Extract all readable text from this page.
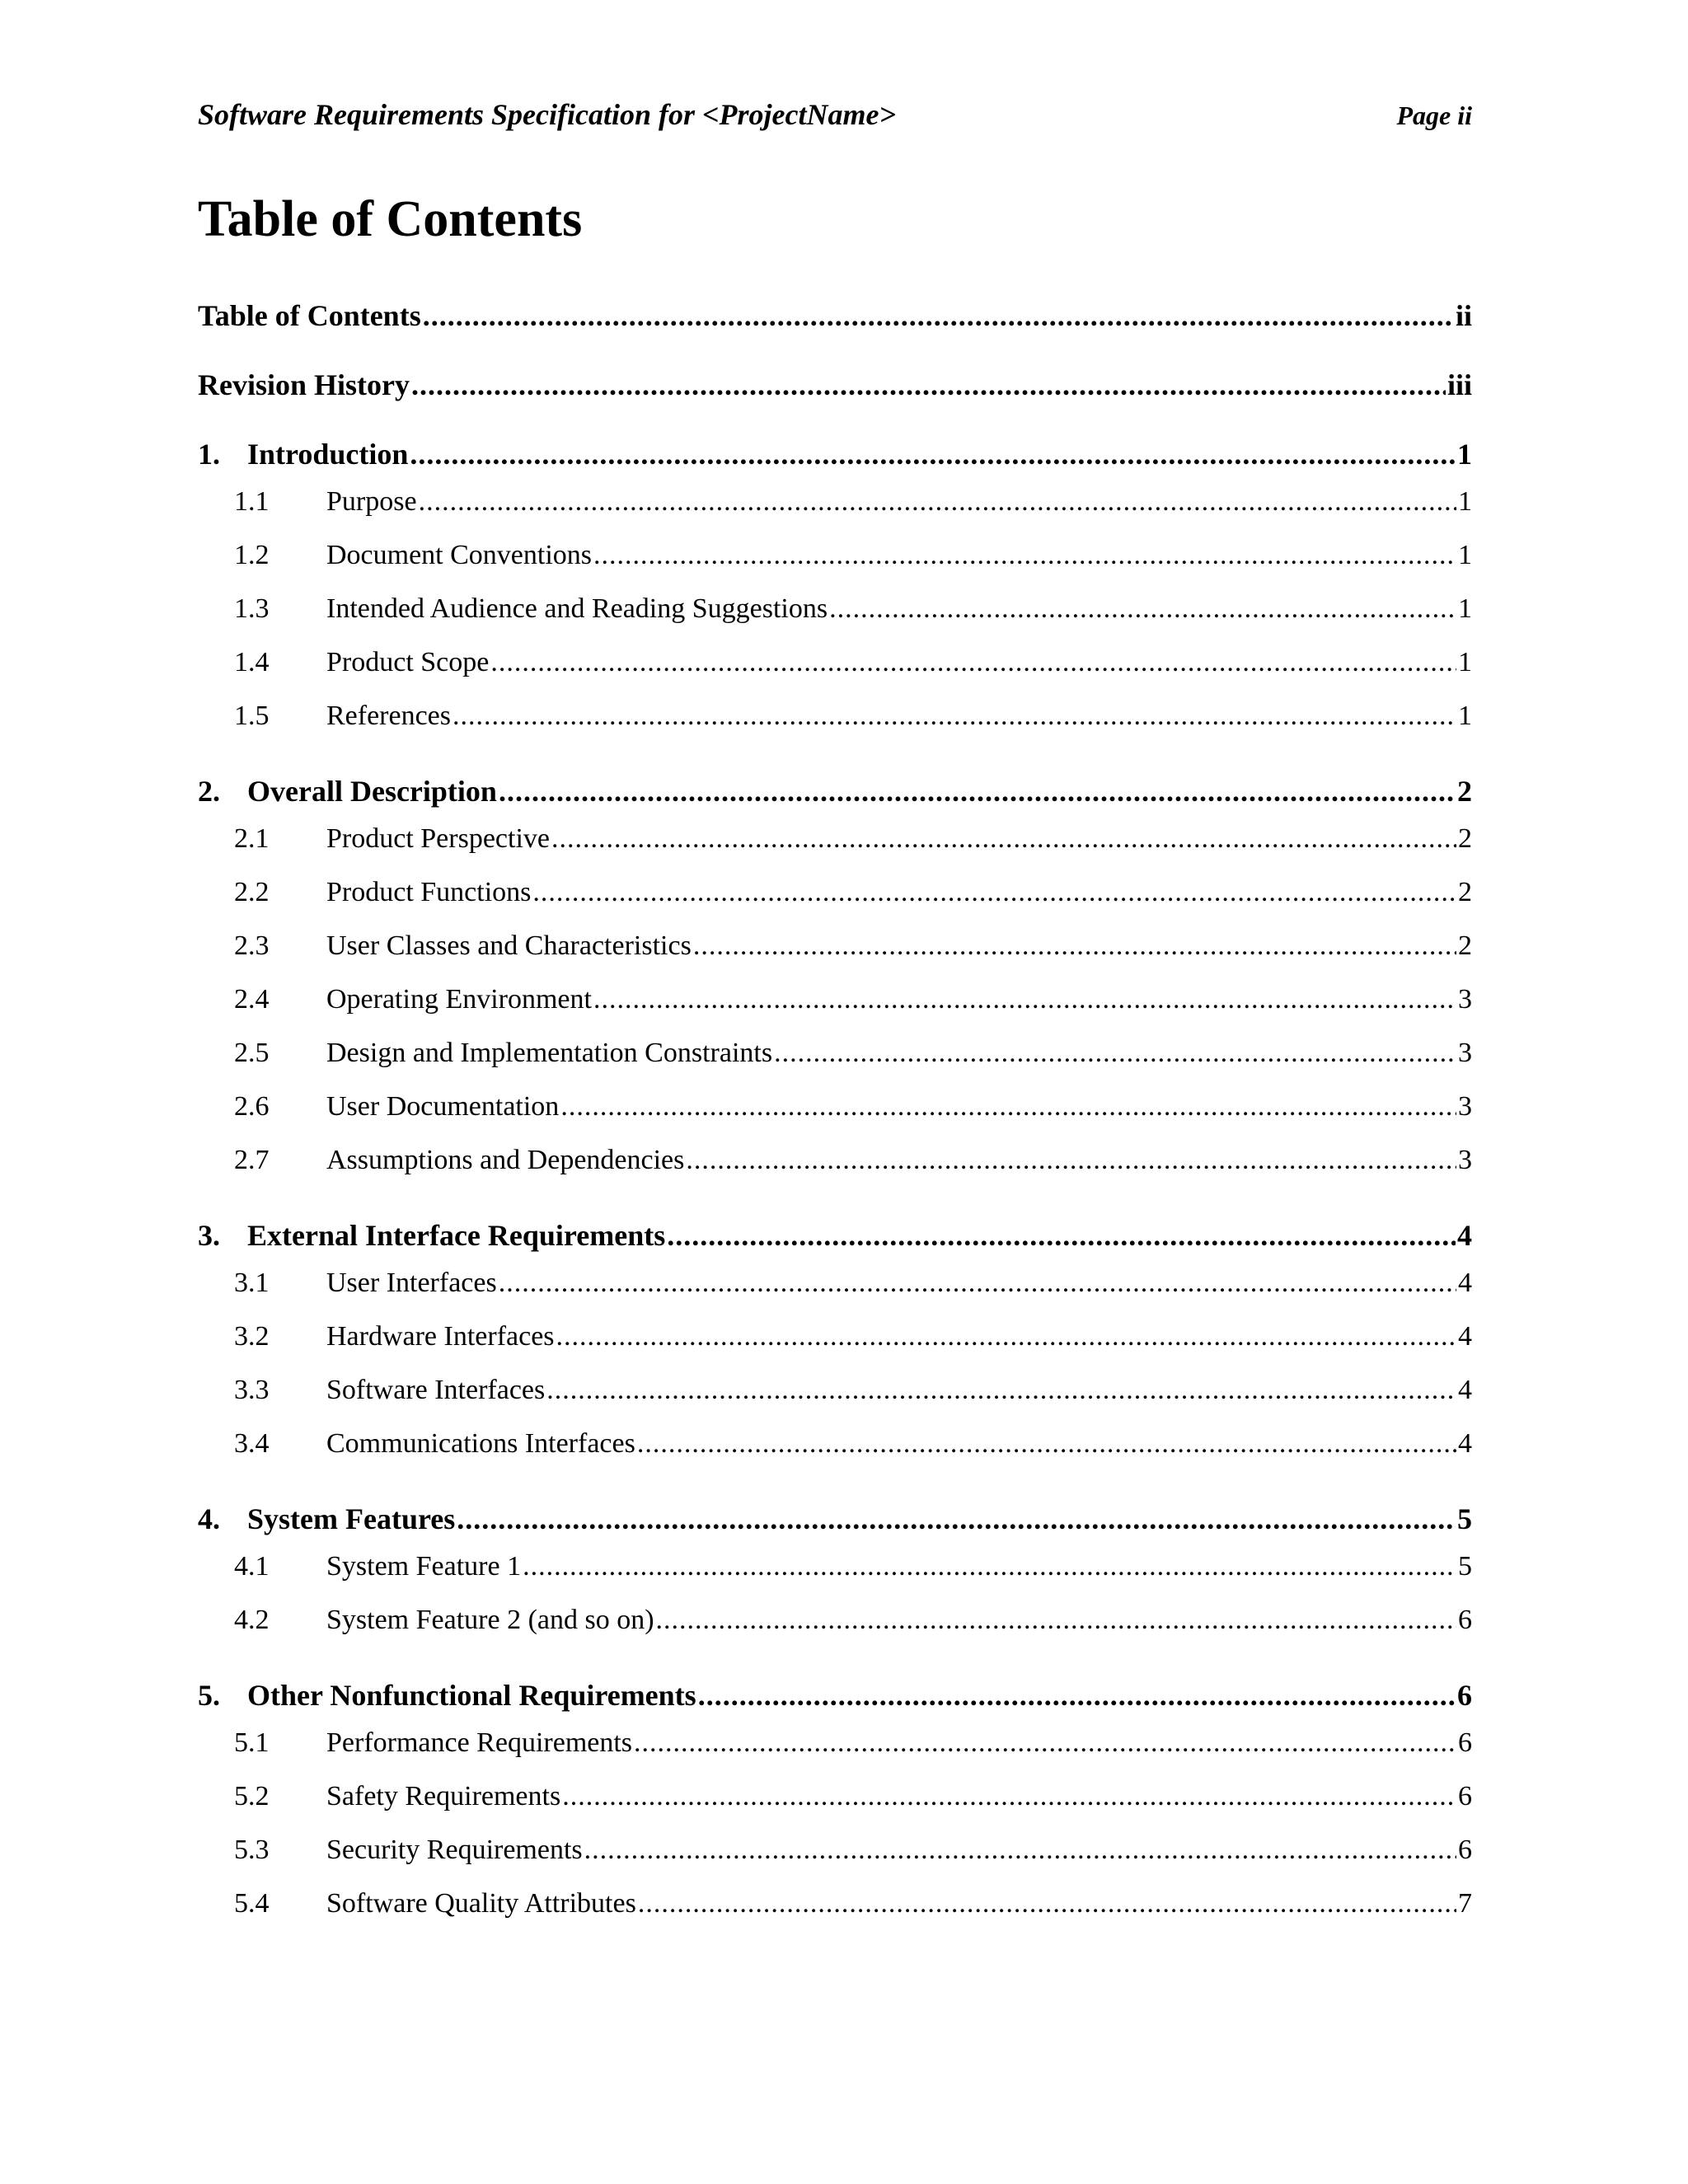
Software Requirements Specification for <ProjectName>	Page ii
Table of Contents
Table of Contents .....	ii
Revision History .....	iii
1. Introduction .....	1
1.1	Purpose .....	1
1.2	Document Conventions .....	1
1.3	Intended Audience and Reading Suggestions .....	1
1.4	Product Scope .....	1
1.5	References .....	1
2. Overall Description .....	2
2.1	Product Perspective .....	2
2.2	Product Functions .....	2
2.3	User Classes and Characteristics .....	2
2.4	Operating Environment .....	3
2.5	Design and Implementation Constraints .....	3
2.6	User Documentation .....	3
2.7	Assumptions and Dependencies .....	3
3. External Interface Requirements .....	4
3.1	User Interfaces .....	4
3.2	Hardware Interfaces .....	4
3.3	Software Interfaces .....	4
3.4	Communications Interfaces .....	4
4. System Features .....	5
4.1	System Feature 1 .....	5
4.2	System Feature 2 (and so on) .....	6
5. Other Nonfunctional Requirements .....	6
5.1	Performance Requirements .....	6
5.2	Safety Requirements .....	6
5.3	Security Requirements .....	6
5.4	Software Quality Attributes .....	7
